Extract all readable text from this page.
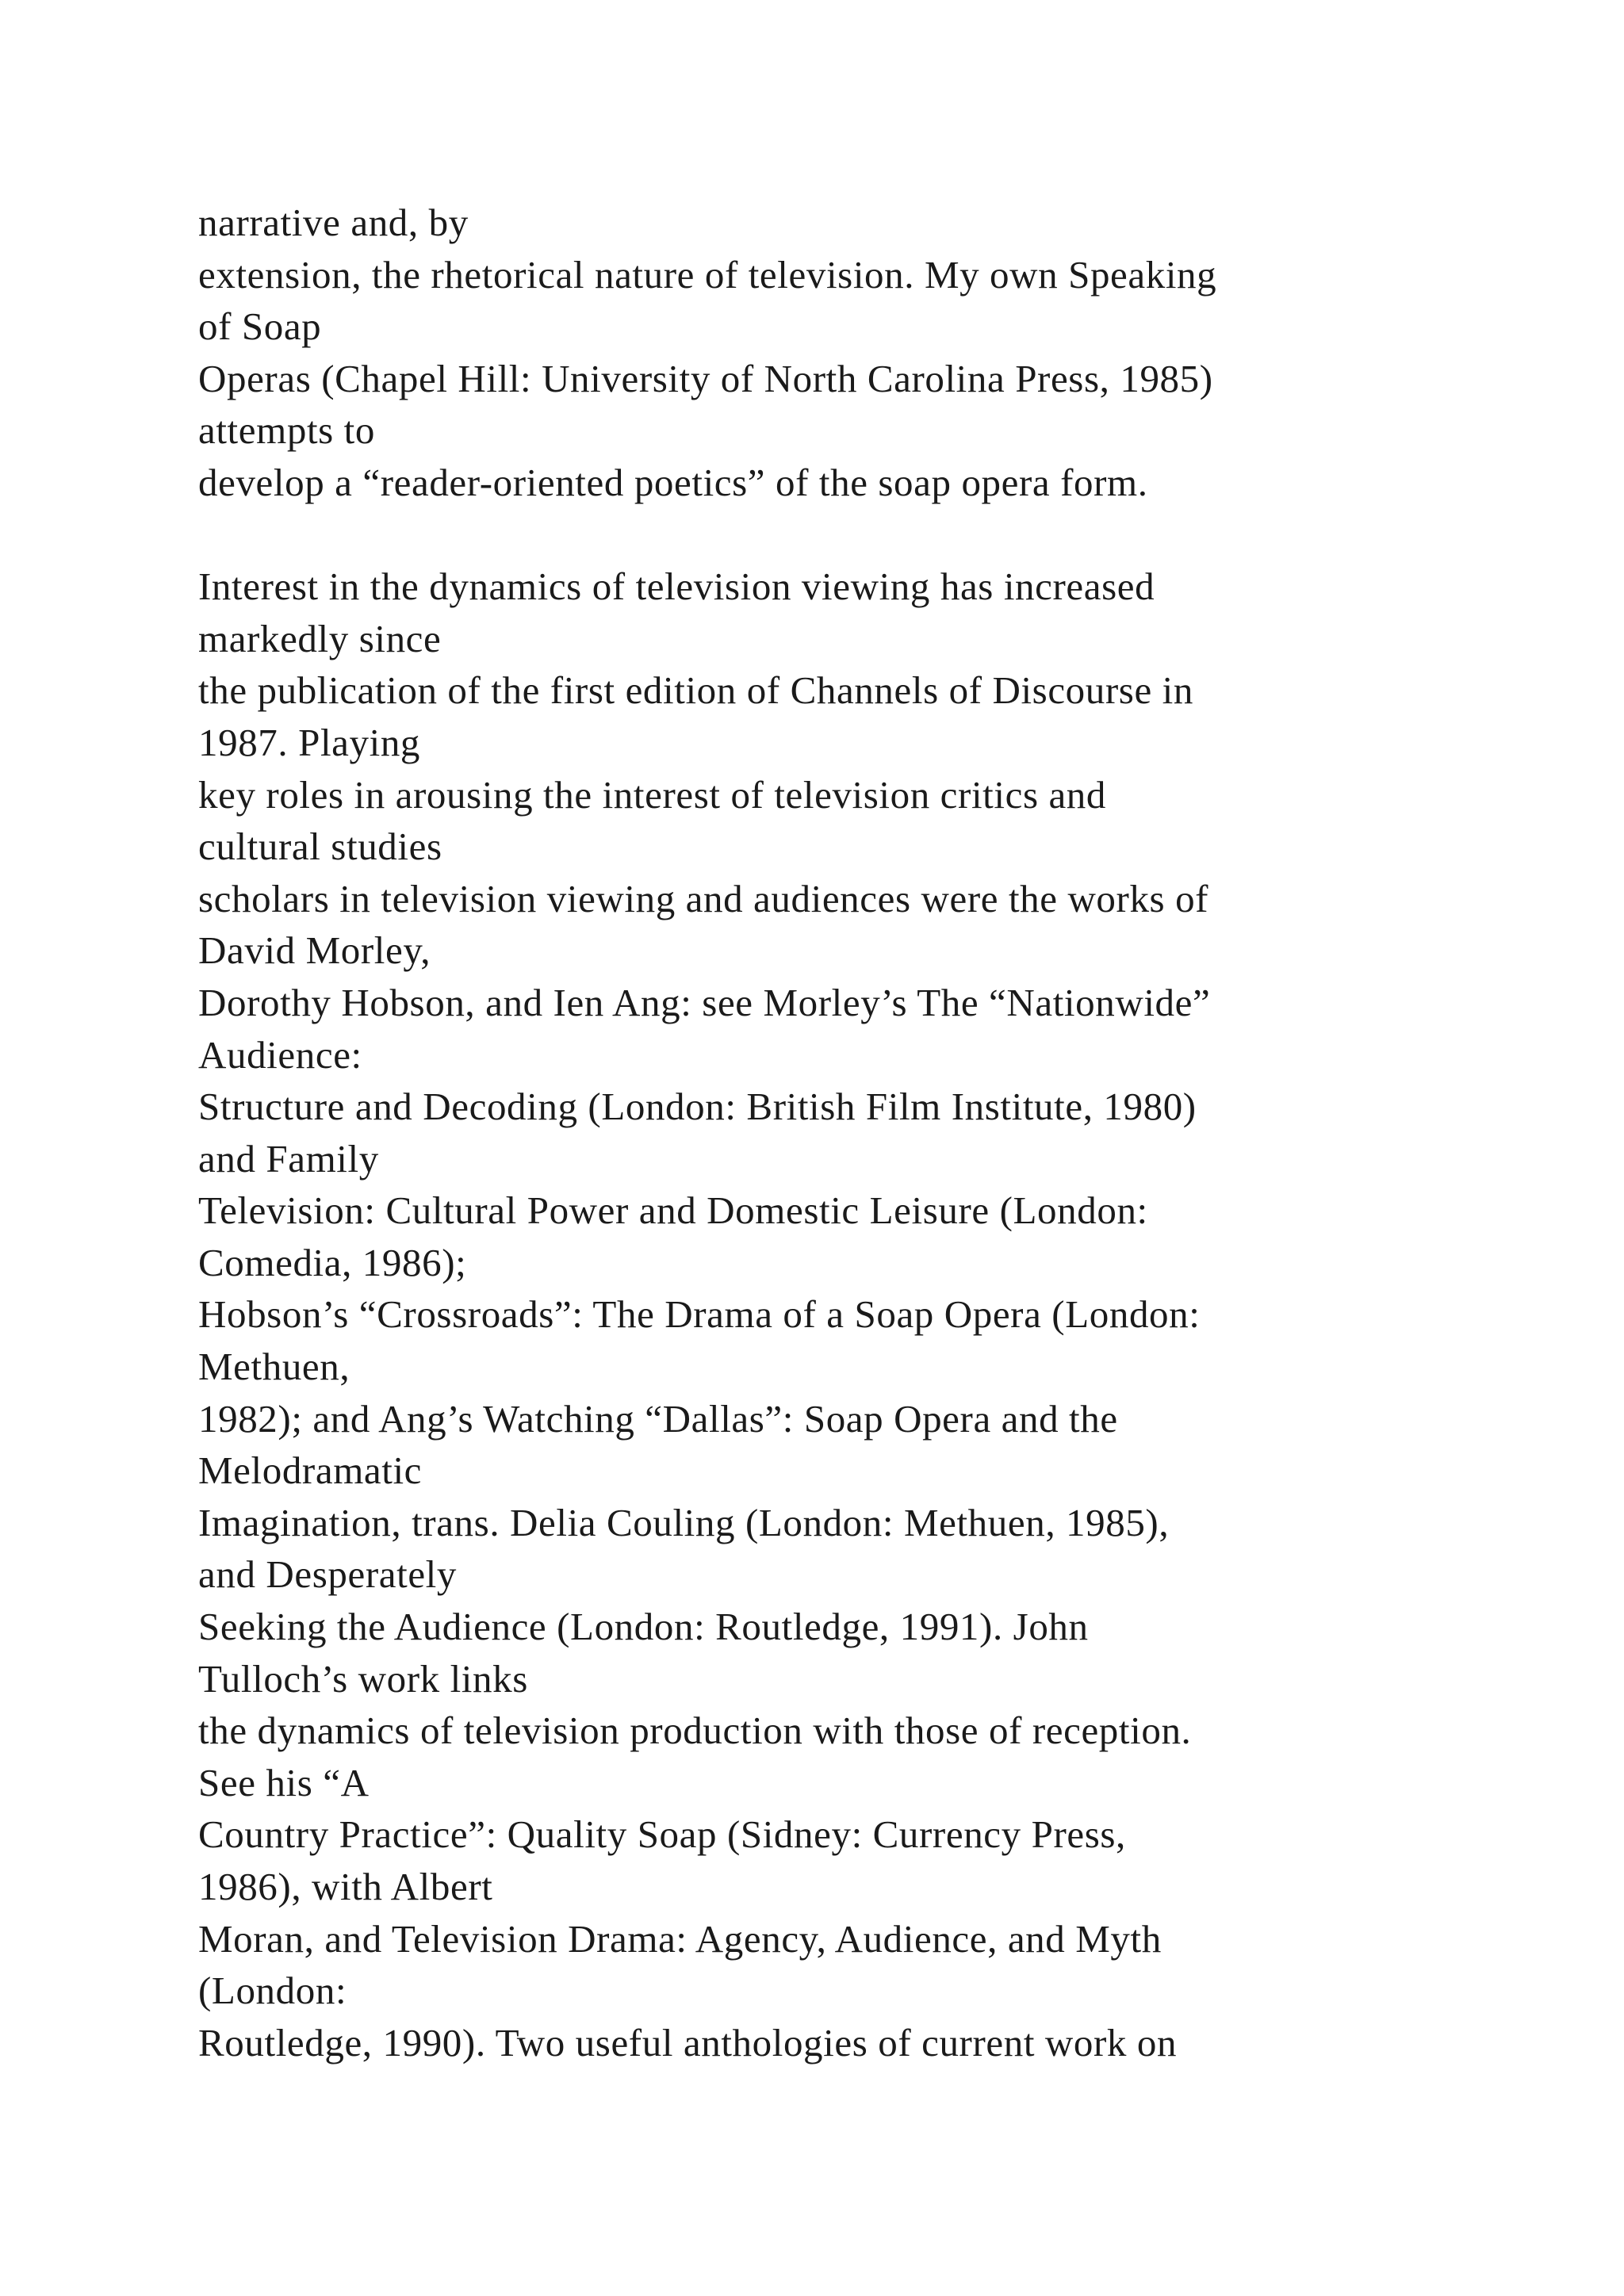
narrative and, by
extension, the rhetorical nature of television. My own Speaking
of Soap
Operas (Chapel Hill: University of North Carolina Press, 1985)
attempts to
develop a “reader-oriented poetics” of the soap opera form.
Interest in the dynamics of television viewing has increased
markedly since
the publication of the first edition of Channels of Discourse in
1987. Playing
key roles in arousing the interest of television critics and
cultural studies
scholars in television viewing and audiences were the works of
David Morley,
Dorothy Hobson, and Ien Ang: see Morley’s The “Nationwide”
Audience:
Structure and Decoding (London: British Film Institute, 1980)
and Family
Television: Cultural Power and Domestic Leisure (London:
Comedia, 1986);
Hobson’s “Crossroads”: The Drama of a Soap Opera (London:
Methuen,
1982); and Ang’s Watching “Dallas”: Soap Opera and the
Melodramatic
Imagination, trans. Delia Couling (London: Methuen, 1985),
and Desperately
Seeking the Audience (London: Routledge, 1991). John
Tulloch’s work links
the dynamics of television production with those of reception.
See his “A
Country Practice”: Quality Soap (Sidney: Currency Press,
1986), with Albert
Moran, and Television Drama: Agency, Audience, and Myth
(London:
Routledge, 1990). Two useful anthologies of current work on
